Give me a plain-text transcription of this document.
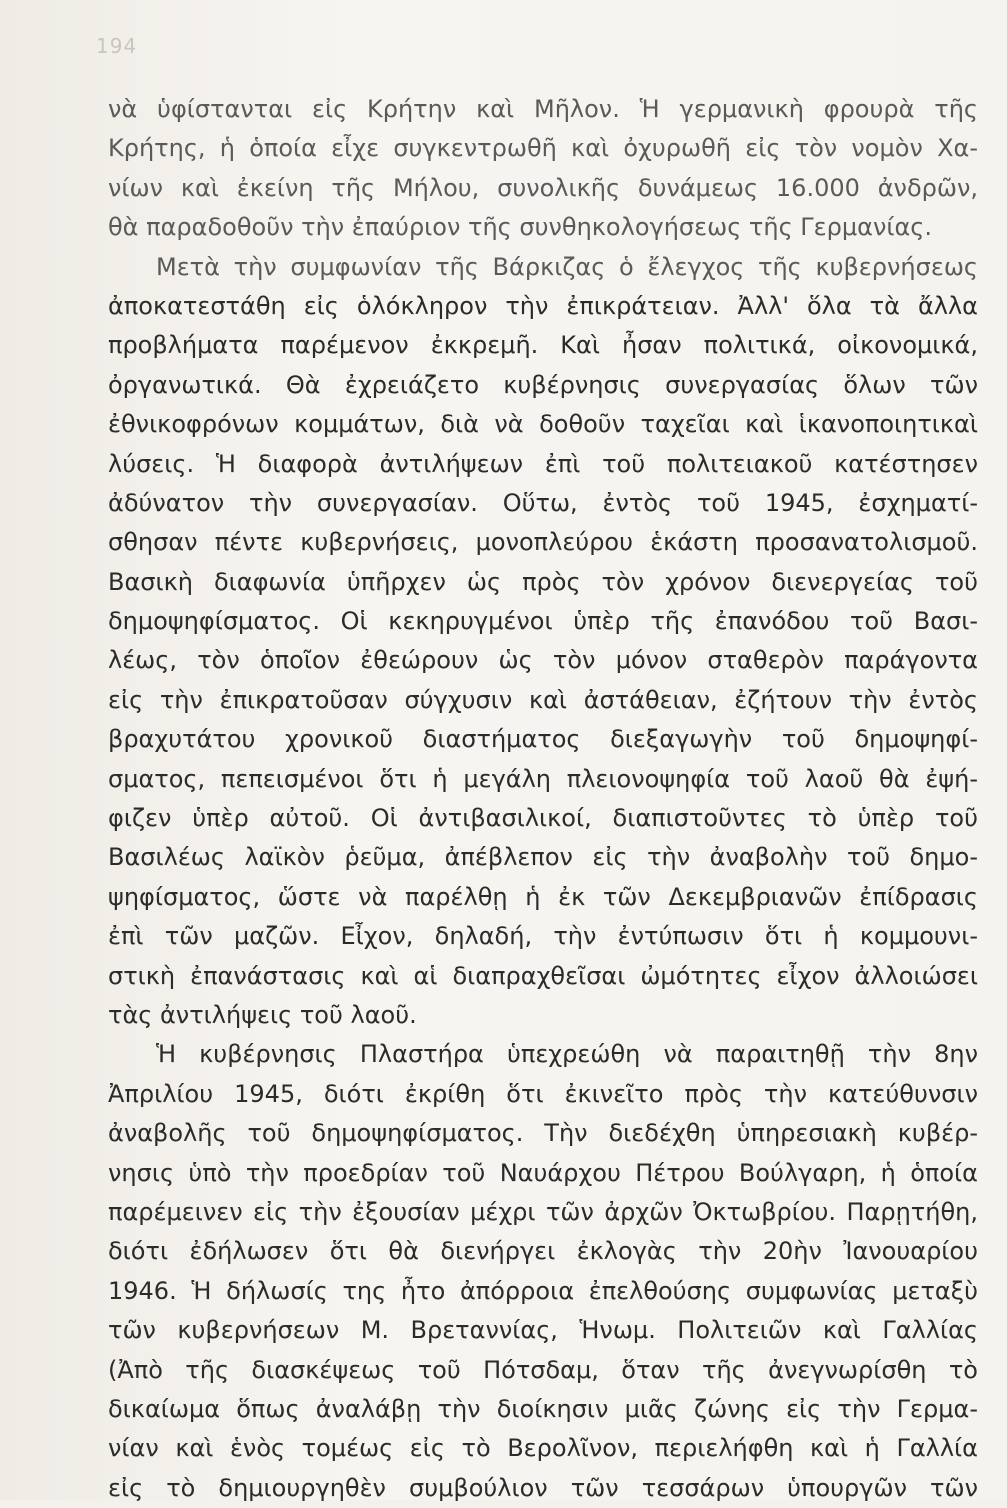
194
νὰ ὑφίστανται εἰς Κρήτην καὶ Μῆλον. Ἡ γερμανικὴ φρουρὰ τῆς
Κρήτης, ἡ ὁποία εἶχε συγκεντρωθῆ καὶ ὀχυρωθῆ εἰς τὸν νομὸν Χα-
νίων καὶ ἐκείνη τῆς Μήλου, συνολικῆς δυνάμεως 16.000 ἀνδρῶν,
θὰ παραδοθοῦν τὴν ἐπαύριον τῆς συνθηκολογήσεως τῆς Γερμανίας.
Μετὰ τὴν συμφωνίαν τῆς Βάρκιζας ὁ ἔλεγχος τῆς κυβερνήσεως
ἀποκατεστάθη εἰς ὁλόκληρον τὴν ἐπικράτειαν. Ἀλλ' ὅλα τὰ ἄλλα
προβλήματα παρέμενον ἐκκρεμῆ. Καὶ ἦσαν πολιτικά, οἰκονομικά,
ὀργανωτικά. Θὰ ἐχρειάζετο κυβέρνησις συνεργασίας ὅλων τῶν
ἐθνικοφρόνων κομμάτων, διὰ νὰ δοθοῦν ταχεῖαι καὶ ἱκανοποιητικαὶ
λύσεις. Ἡ διαφορὰ ἀντιλήψεων ἐπὶ τοῦ πολιτειακοῦ κατέστησεν
ἀδύνατον τὴν συνεργασίαν. Οὕτω, ἐντὸς τοῦ 1945, ἐσχηματί-
σθησαν πέντε κυβερνήσεις, μονοπλεύρου ἑκάστη προσανατολισμοῦ.
Βασικὴ διαφωνία ὑπῆρχεν ὡς πρὸς τὸν χρόνον διενεργείας τοῦ
δημοψηφίσματος. Οἱ κεκηρυγμένοι ὑπὲρ τῆς ἐπανόδου τοῦ Βασι-
λέως, τὸν ὁποῖον ἐθεώρουν ὡς τὸν μόνον σταθερὸν παράγοντα
εἰς τὴν ἐπικρατοῦσαν σύγχυσιν καὶ ἀστάθειαν, ἐζήτουν τὴν ἐντὸς
βραχυτάτου χρονικοῦ διαστήματος διεξαγωγὴν τοῦ δημοψηφί-
σματος, πεπεισμένοι ὅτι ἡ μεγάλη πλειονοψηφία τοῦ λαοῦ θὰ ἐψή-
φιζεν ὑπὲρ αὐτοῦ. Οἱ ἀντιβασιλικοί, διαπιστοῦντες τὸ ὑπὲρ τοῦ
Βασιλέως λαϊκὸν ῥεῦμα, ἀπέβλεπον εἰς τὴν ἀναβολὴν τοῦ δημο-
ψηφίσματος, ὥστε νὰ παρέλθῃ ἡ ἐκ τῶν Δεκεμβριανῶν ἐπίδρασις
ἐπὶ τῶν μαζῶν. Εἶχον, δηλαδή, τὴν ἐντύπωσιν ὅτι ἡ κομμουνι-
στικὴ ἐπανάστασις καὶ αἱ διαπραχθεῖσαι ὠμότητες εἶχον ἀλλοιώσει
τὰς ἀντιλήψεις τοῦ λαοῦ.
Ἡ κυβέρνησις Πλαστήρα ὑπεχρεώθη νὰ παραιτηθῇ τὴν 8ην
Ἀπριλίου 1945, διότι ἐκρίθη ὅτι ἐκινεῖτο πρὸς τὴν κατεύθυνσιν
ἀναβολῆς τοῦ δημοψηφίσματος. Τὴν διεδέχθη ὑπηρεσιακὴ κυβέρ-
νησις ὑπὸ τὴν προεδρίαν τοῦ Ναυάρχου Πέτρου Βούλγαρη, ἡ ὁποία
παρέμεινεν εἰς τὴν ἐξουσίαν μέχρι τῶν ἀρχῶν Ὀκτωβρίου. Παρῃτήθη,
διότι ἐδήλωσεν ὅτι θὰ διενήργει ἐκλογὰς τὴν 20ὴν Ἰανουαρίου
1946. Ἡ δήλωσίς της ἦτο ἀπόρροια ἐπελθούσης συμφωνίας μεταξὺ
τῶν κυβερνήσεων Μ. Βρεταννίας, Ἡνωμ. Πολιτειῶν καὶ Γαλλίας
(Ἀπὸ τῆς διασκέψεως τοῦ Πότσδαμ, ὅταν τῆς ἀνεγνωρίσθη τὸ
δικαίωμα ὅπως ἀναλάβῃ τὴν διοίκησιν μιᾶς ζώνης εἰς τὴν Γερμα-
νίαν καὶ ἑνὸς τομέως εἰς τὸ Βερολῖνον, περιελήφθη καὶ ἡ Γαλλία
εἰς τὸ δημιουργηθὲν συμβούλιον τῶν τεσσάρων ὑπουργῶν τῶν
